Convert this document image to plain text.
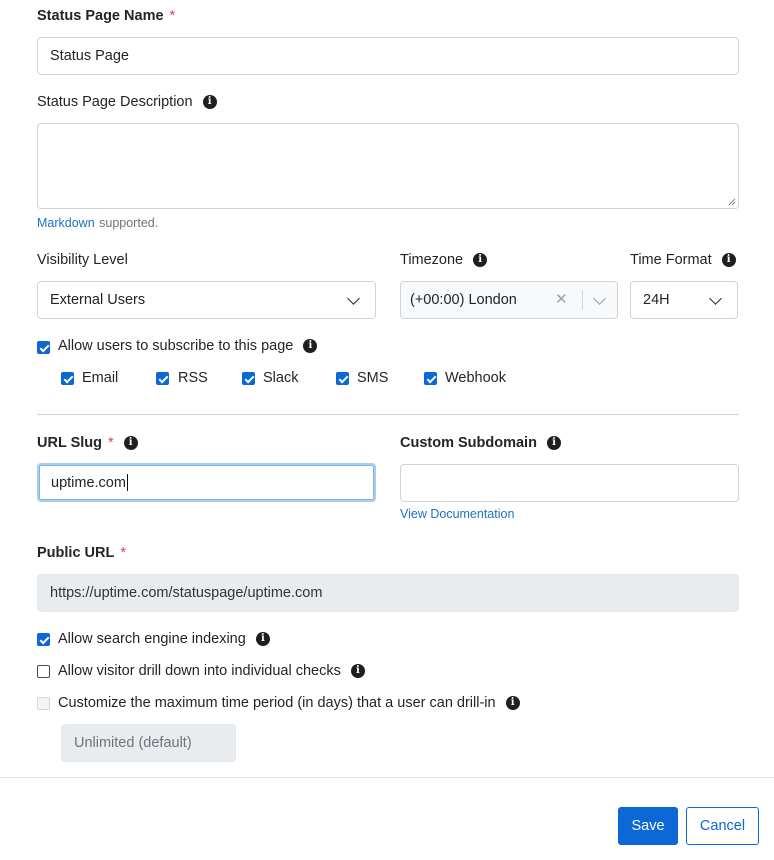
Status Page Name *
Status Page
Status Page Description i
Markdown supported.
Visibility Level
External Users
Timezone i
(+00:00) London	✕
Time Format i
24H
Allow users to subscribe to this page i
Email	RSS	Slack	SMS	Webhook
URL Slug * i
uptime.com
Custom Subdomain i
View Documentation
Public URL *
https://uptime.com/statuspage/uptime.com
Allow search engine indexing i
Allow visitor drill down into individual checks i
Customize the maximum time period (in days) that a user can drill-in i
Unlimited (default)
Save	Cancel
